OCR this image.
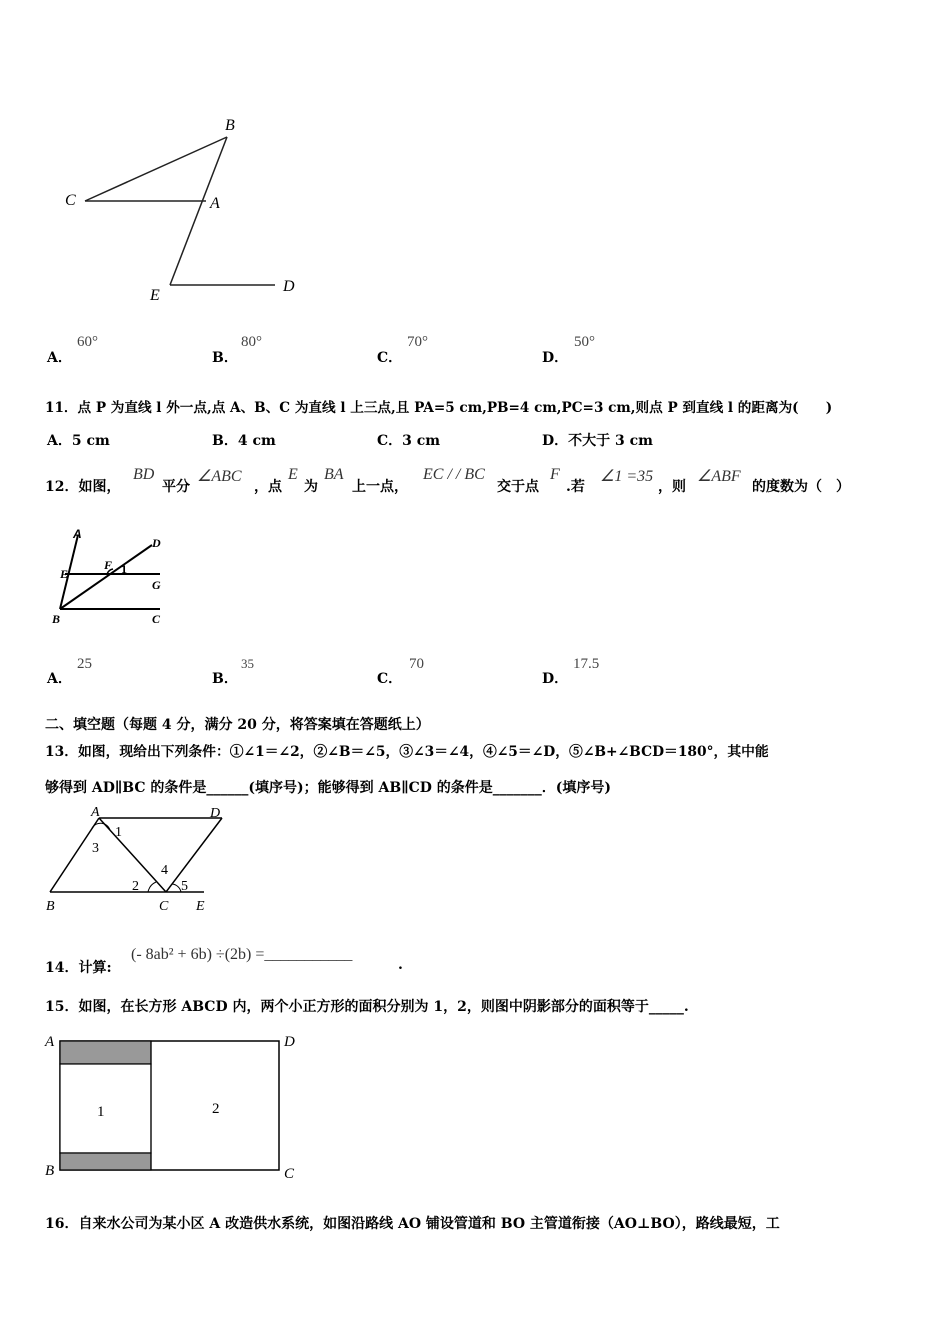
B
C	A
E
D
A．
60°
B．
80°
C．
70°
D．
50°
11．点 P 为直线 l 外一点,点 A、B、C 为直线 l 上三点,且 PA=5 cm,PB=4 cm,PC=3 cm,则点 P 到直线 l 的距离为(　　)
A．5 cm	B．4 cm	C．3 cm	D．不大于 3 cm
12．如图，
BD
平分
∠ABC
，点
E
为
BA
上一点，
EC / / BC
交于点
F
.若
∠1 =35
，则
∠ABF
的度数为（　）
A
D
E
F 1
G
B	C
A．
25
B．
35
C．
70
D．
17.5
二、填空题（每题 4 分，满分 20 分，将答案填在答题纸上）
13．如图，现给出下列条件：①∠1＝∠2，②∠B＝∠5，③∠3＝∠4，④∠5＝∠D，⑤∠B+∠BCD＝180°，其中能
够得到 AD∥BC 的条件是______(填序号)；能够得到 AB∥CD 的条件是_______．(填序号)
A	D
1
3
4
2	5
B	C E
14．计算:
(- 8ab² + 6b) ÷(2b) =___________
.
15．如图，在长方形 ABCD 内，两个小正方形的面积分别为 1，2，则图中阴影部分的面积等于_____.
A	D
B	C
1	2
16．自来水公司为某小区 A 改造供水系统，如图沿路线 AO 铺设管道和 BO 主管道衔接（AO⊥BO），路线最短，工
